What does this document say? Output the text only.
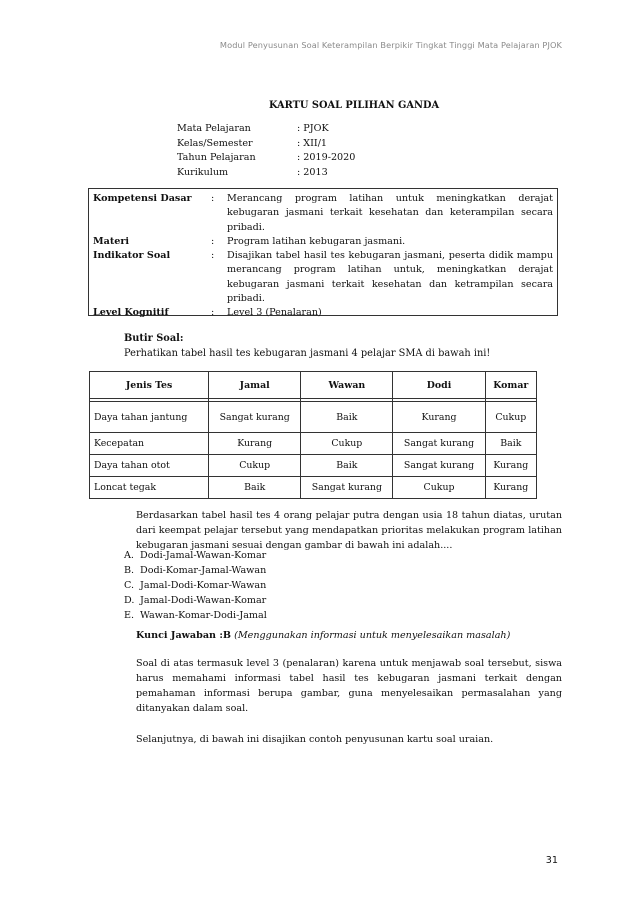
Modul Penyusunan Soal Keterampilan Berpikir Tingkat Tinggi Mata Pelajaran PJOK
KARTU SOAL PILIHAN GANDA
Mata Pelajaran	: PJOK
Kelas/Semester	: XII/1
Tahun Pelajaran	: 2019-2020
Kurikulum	: 2013
Kompetensi Dasar	:	Merancang program latihan untuk meningkatkan derajat kebugaran jasmani terkait kesehatan dan keterampilan secara pribadi.
Materi	:	Program latihan kebugaran jasmani.
Indikator Soal	:	Disajikan tabel hasil tes kebugaran jasmani, peserta didik mampu merancang program latihan untuk, meningkatkan derajat kebugaran jasmani terkait kesehatan dan ketrampilan secara pribadi.
Level Kognitif	:	Level 3 (Penalaran)
Butir Soal:
Perhatikan tabel hasil tes kebugaran jasmani 4 pelajar SMA di bawah ini!
Jenis Tes	Jamal	Wawan	Dodi	Komar

Daya tahan jantung	Sangat kurang	Baik	Kurang	Cukup
Kecepatan	Kurang	Cukup	Sangat kurang	Baik
Daya tahan otot	Cukup	Baik	Sangat kurang	Kurang
Loncat tegak	Baik	Sangat kurang	Cukup	Kurang
Berdasarkan tabel hasil tes 4 orang pelajar putra dengan usia 18 tahun diatas, urutan dari keempat pelajar tersebut yang mendapatkan prioritas melakukan program latihan kebugaran jasmani sesuai dengan gambar di bawah ini adalah....
A. Dodi-Jamal-Wawan-Komar
B. Dodi-Komar-Jamal-Wawan
C. Jamal-Dodi-Komar-Wawan
D. Jamal-Dodi-Wawan-Komar
E. Wawan-Komar-Dodi-Jamal
Kunci Jawaban :B (Menggunakan informasi untuk menyelesaikan masalah)
Soal di atas termasuk level 3 (penalaran) karena untuk menjawab soal tersebut, siswa harus memahami informasi tabel hasil tes kebugaran jasmani terkait dengan pemahaman informasi berupa gambar, guna menyelesaikan permasalahan yang ditanyakan dalam soal.
Selanjutnya, di bawah ini disajikan contoh penyusunan kartu soal uraian.
31
